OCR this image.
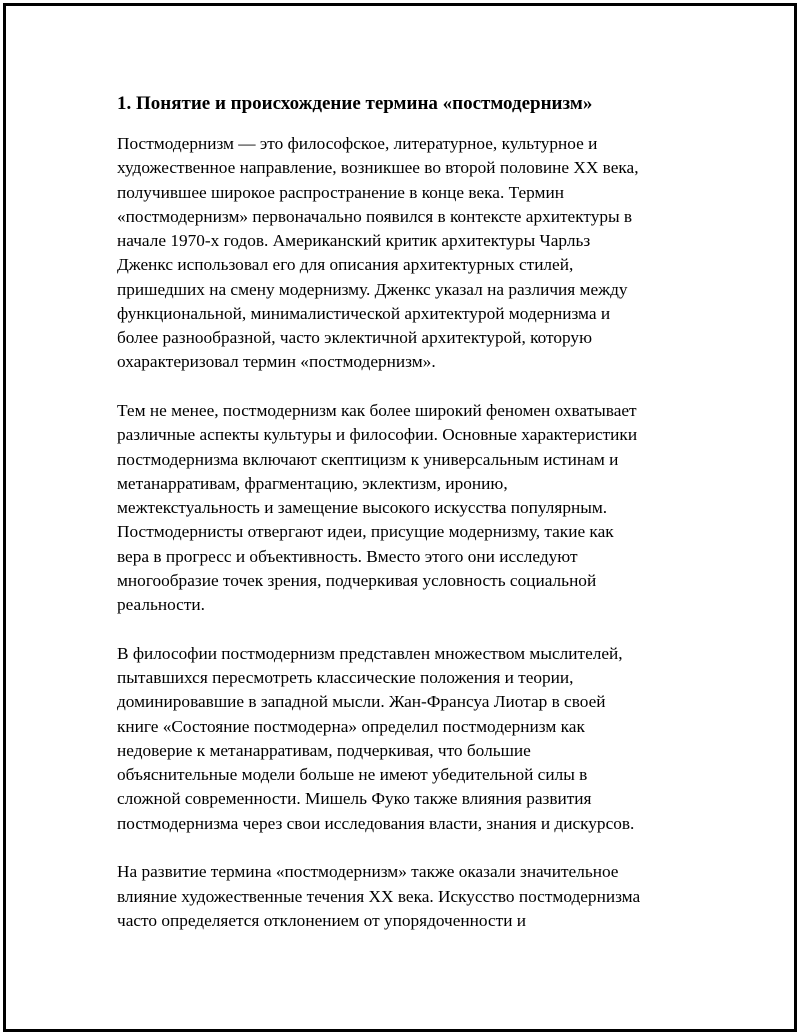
1. Понятие и происхождение термина «постмодернизм»

Постмодернизм — это философское, литературное, культурное и
художественное направление, возникшее во второй половине XX века,
получившее широкое распространение в конце века. Термин
«постмодернизм» первоначально появился в контексте архитектуры в
начале 1970-х годов. Американский критик архитектуры Чарльз
Дженкс использовал его для описания архитектурных стилей,
пришедших на смену модернизму. Дженкс указал на различия между
функциональной, минималистической архитектурой модернизма и
более разнообразной, часто эклектичной архитектурой, которую
охарактеризовал термин «постмодернизм».

Тем не менее, постмодернизм как более широкий феномен охватывает
различные аспекты культуры и философии. Основные характеристики
постмодернизма включают скептицизм к универсальным истинам и
метанарративам, фрагментацию, эклектизм, иронию,
межтекстуальность и замещение высокого искусства популярным.
Постмодернисты отвергают идеи, присущие модернизму, такие как
вера в прогресс и объективность. Вместо этого они исследуют
многообразие точек зрения, подчеркивая условность социальной
реальности.

В философии постмодернизм представлен множеством мыслителей,
пытавшихся пересмотреть классические положения и теории,
доминировавшие в западной мысли. Жан-Франсуа Лиотар в своей
книге «Состояние постмодерна» определил постмодернизм как
недоверие к метанарративам, подчеркивая, что большие
объяснительные модели больше не имеют убедительной силы в
сложной современности. Мишель Фуко также влияния развития
постмодернизма через свои исследования власти, знания и дискурсов.

На развитие термина «постмодернизм» также оказали значительное
влияние художественные течения XX века. Искусство постмодернизма
часто определяется отклонением от упорядоченности и
